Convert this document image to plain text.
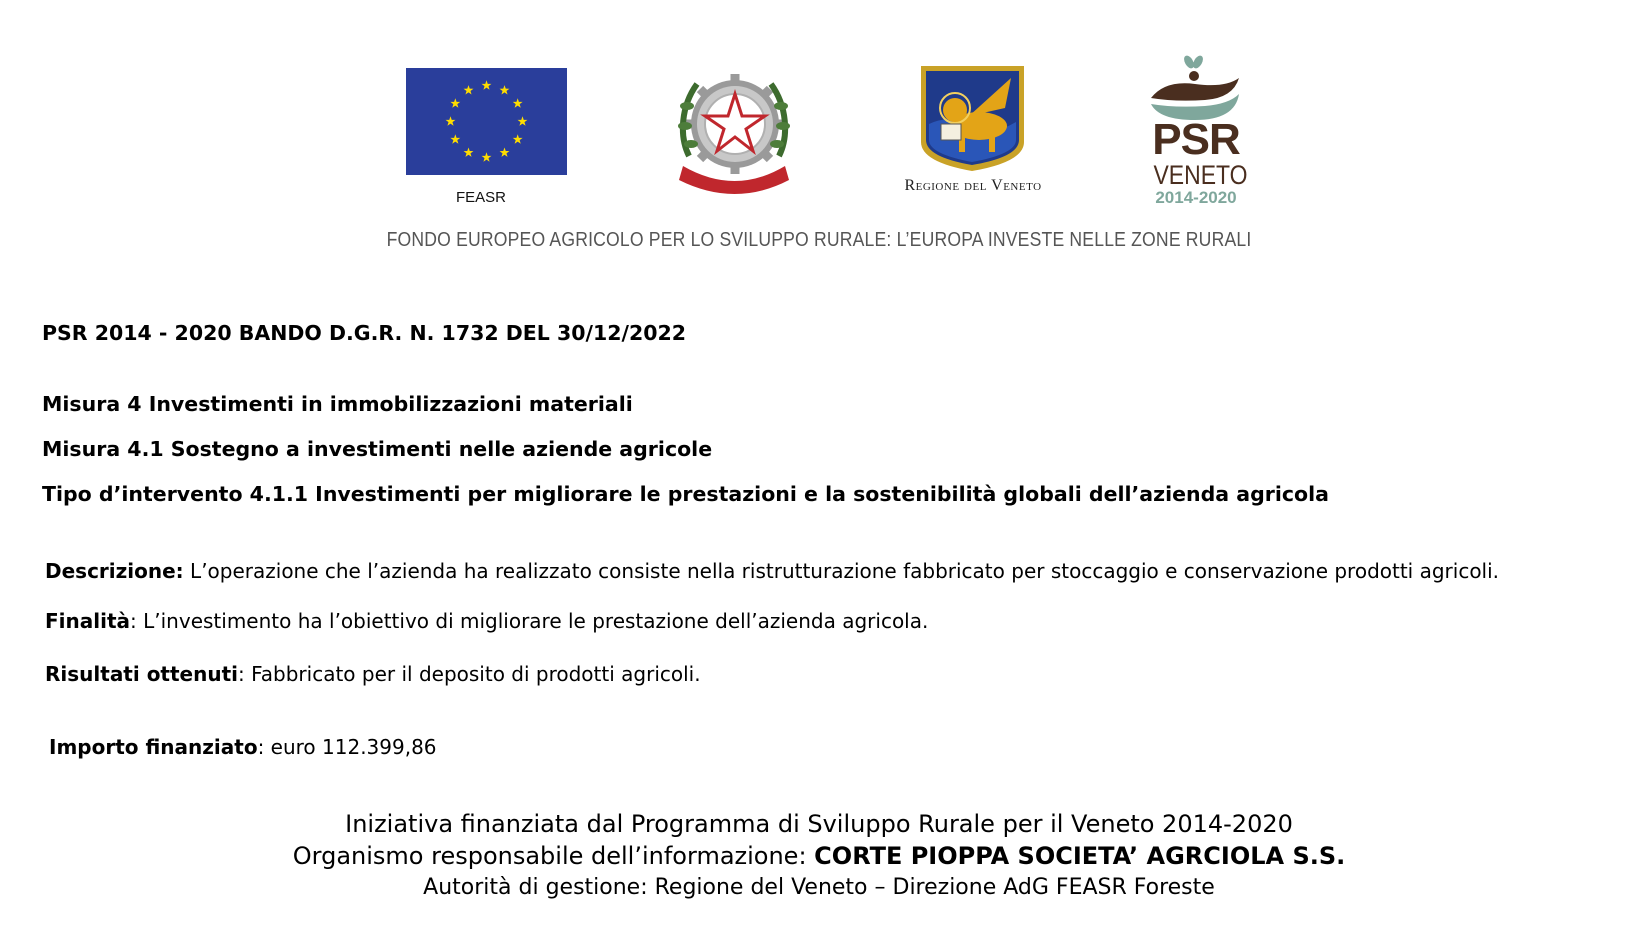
FEASR
Regione del Veneto
PSR
VENETO
2014-2020
FONDO EUROPEO AGRICOLO PER LO SVILUPPO RURALE: L’EUROPA INVESTE NELLE ZONE RURALI
PSR 2014 - 2020 BANDO D.G.R. N. 1732 DEL 30/12/2022
Misura 4 Investimenti in immobilizzazioni materiali
Misura 4.1 Sostegno a investimenti nelle aziende agricole
Tipo d’intervento 4.1.1 Investimenti per migliorare le prestazioni e la sostenibilità globali dell’azienda agricola
Descrizione: L’operazione che l’azienda ha realizzato consiste nella ristrutturazione fabbricato per stoccaggio e conservazione prodotti agricoli.
Finalità: L’investimento ha l’obiettivo di migliorare le prestazione dell’azienda agricola.
Risultati ottenuti: Fabbricato per il deposito di prodotti agricoli.
Importo finanziato: euro 112.399,86
Iniziativa finanziata dal Programma di Sviluppo Rurale per il Veneto 2014-2020
Organismo responsabile dell’informazione: CORTE PIOPPA SOCIETA’ AGRCIOLA S.S.
Autorità di gestione: Regione del Veneto – Direzione AdG FEASR Foreste
